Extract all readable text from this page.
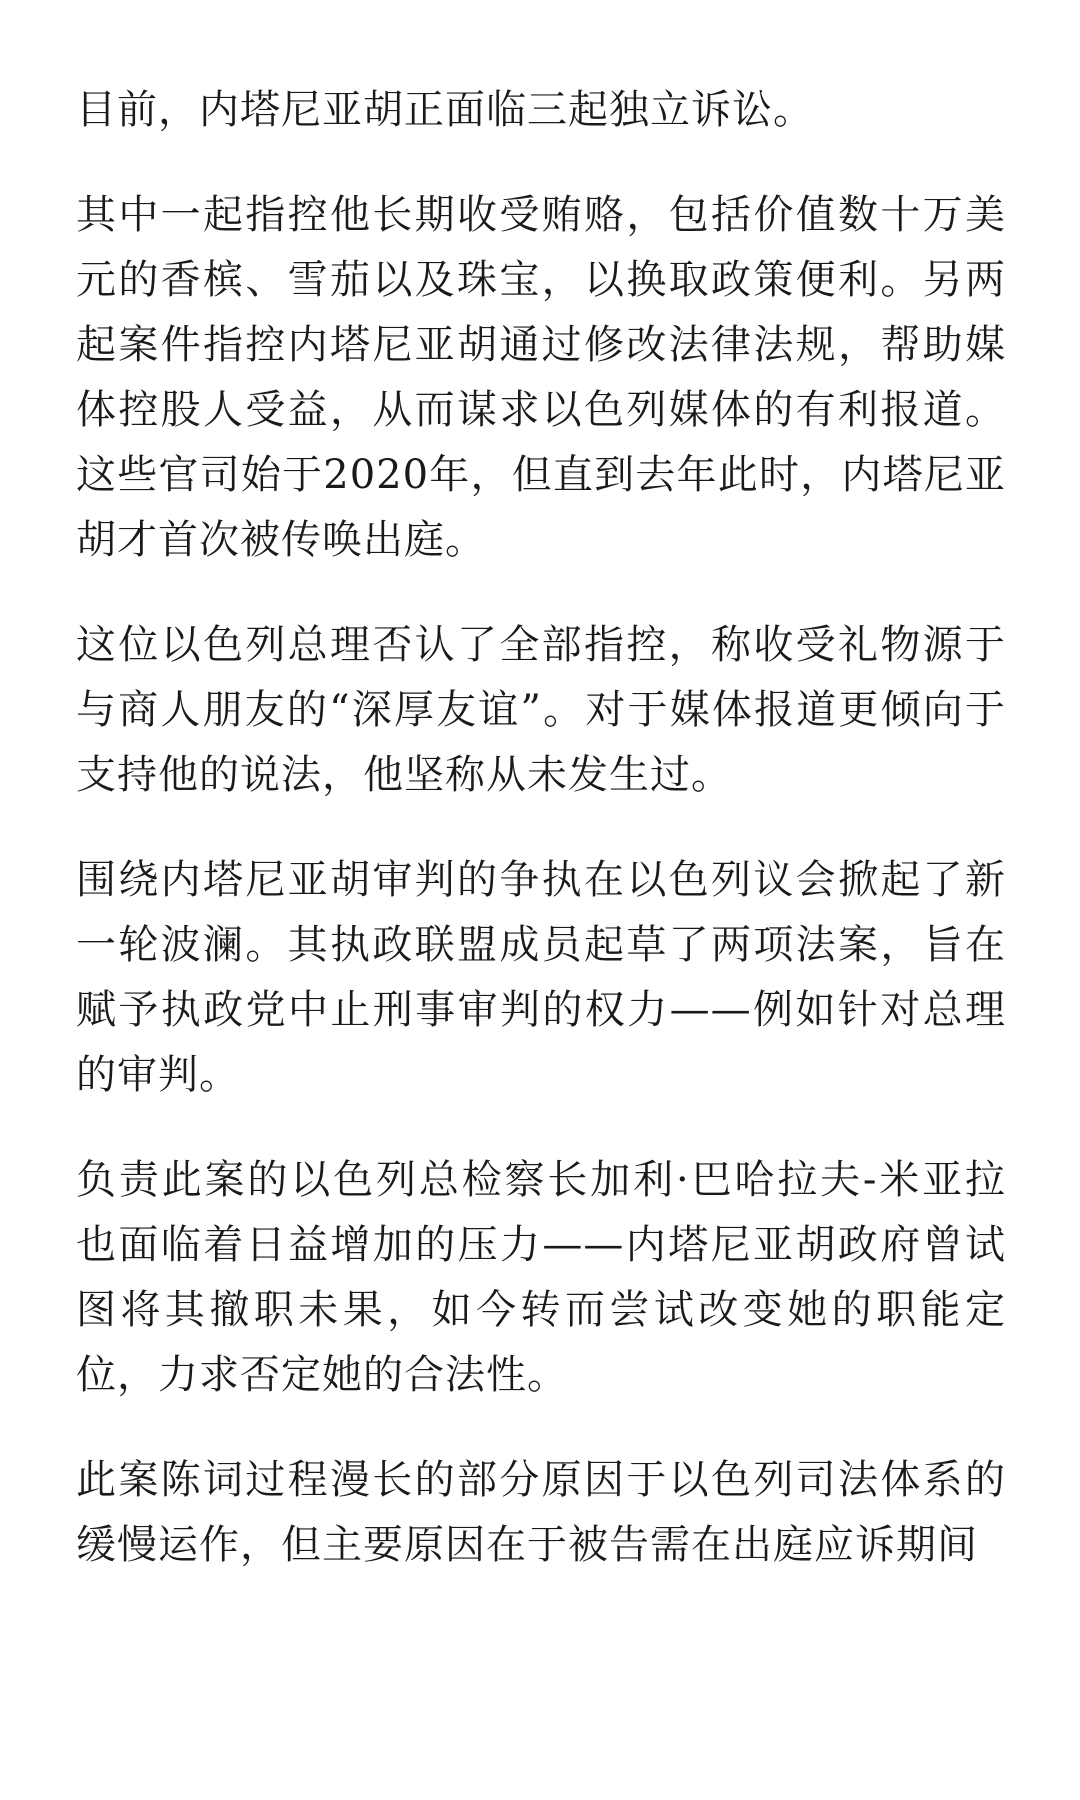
目前，内塔尼亚胡正面临三起独立诉讼。

其中一起指控他长期收受贿赂，包括价值数十万美元的香槟、雪茄以及珠宝，以换取政策便利。另两起案件指控内塔尼亚胡通过修改法律法规，帮助媒体控股人受益，从而谋求以色列媒体的有利报道。这些官司始于2020年，但直到去年此时，内塔尼亚胡才首次被传唤出庭。

这位以色列总理否认了全部指控，称收受礼物源于与商人朋友的“深厚友谊”。对于媒体报道更倾向于支持他的说法，他坚称从未发生过。

围绕内塔尼亚胡审判的争执在以色列议会掀起了新一轮波澜。其执政联盟成员起草了两项法案，旨在赋予执政党中止刑事审判的权力——例如针对总理的审判。

负责此案的以色列总检察长加利·巴哈拉夫-米亚拉也面临着日益增加的压力——内塔尼亚胡政府曾试图将其撤职未果，如今转而尝试改变她的职能定位，力求否定她的合法性。

此案陈词过程漫长的部分原因于以色列司法体系的缓慢运作，但主要原因在于被告需在出庭应诉期间
